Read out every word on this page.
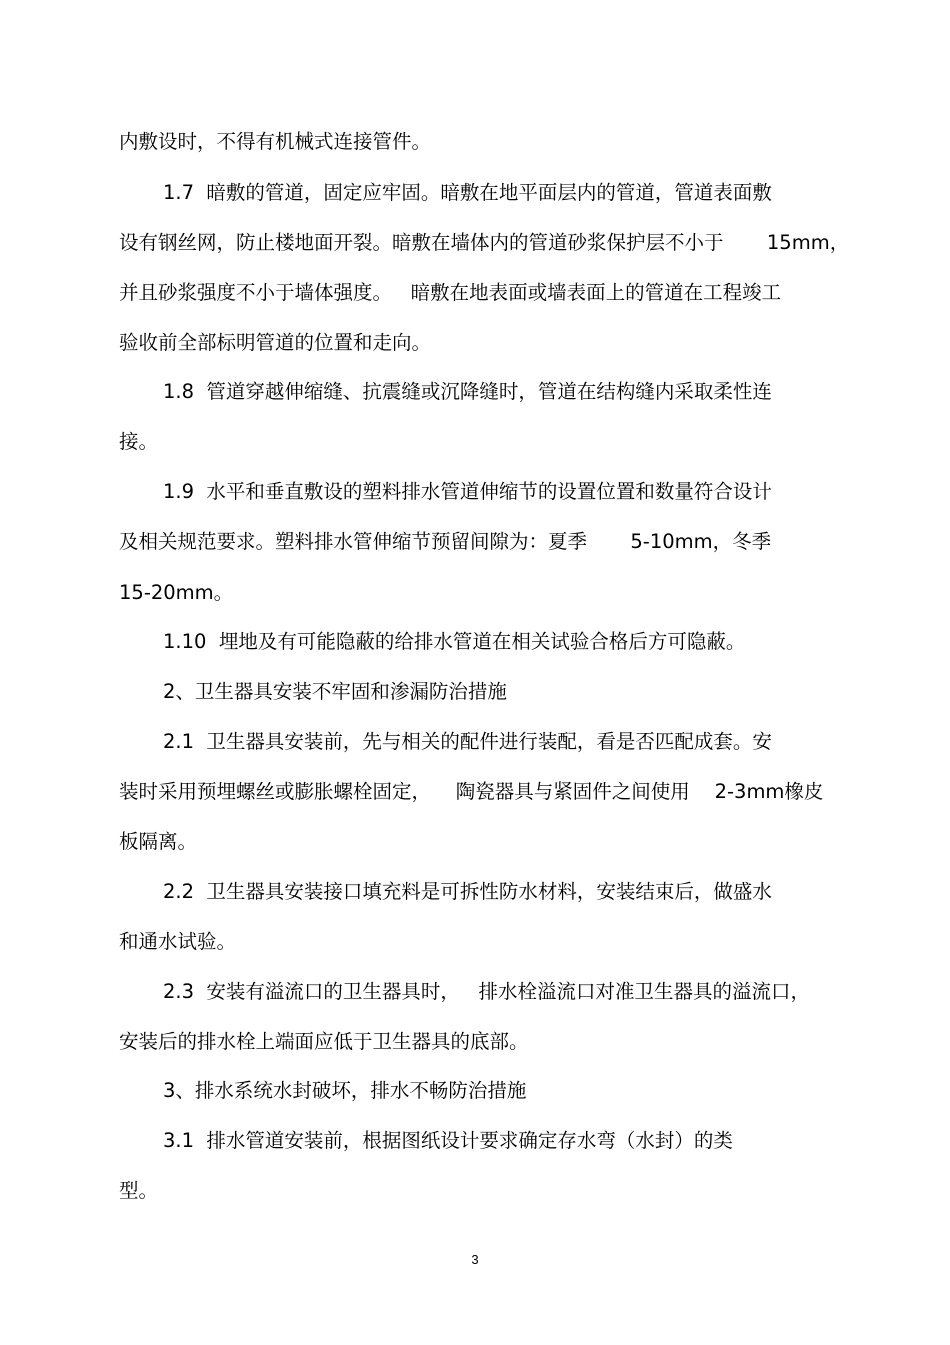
内敷设时，不得有机械式连接管件。
1.7  暗敷的管道，固定应牢固。暗敷在地平面层内的管道，管道表面敷
设有钢丝网，防止楼地面开裂。暗敷在墙体内的管道砂浆保护层不小于       15mm，
并且砂浆强度不小于墙体强度。   暗敷在地表面或墙表面上的管道在工程竣工
验收前全部标明管道的位置和走向。
1.8  管道穿越伸缩缝、抗震缝或沉降缝时，管道在结构缝内采取柔性连
接。
1.9  水平和垂直敷设的塑料排水管道伸缩节的设置位置和数量符合设计
及相关规范要求。塑料排水管伸缩节预留间隙为：夏季       5-10mm，冬季
15-20mm。
1.10  埋地及有可能隐蔽的给排水管道在相关试验合格后方可隐蔽。
2、卫生器具安装不牢固和渗漏防治措施
2.1  卫生器具安装前，先与相关的配件进行装配，看是否匹配成套。安
装时采用预埋螺丝或膨胀螺栓固定，    陶瓷器具与紧固件之间使用    2-3mm橡皮
板隔离。
2.2  卫生器具安装接口填充料是可拆性防水材料，安装结束后，做盛水
和通水试验。
2.3  安装有溢流口的卫生器具时，   排水栓溢流口对准卫生器具的溢流口，
安装后的排水栓上端面应低于卫生器具的底部。
3、排水系统水封破坏，排水不畅防治措施
3.1  排水管道安装前，根据图纸设计要求确定存水弯（水封）的类
型。
3
